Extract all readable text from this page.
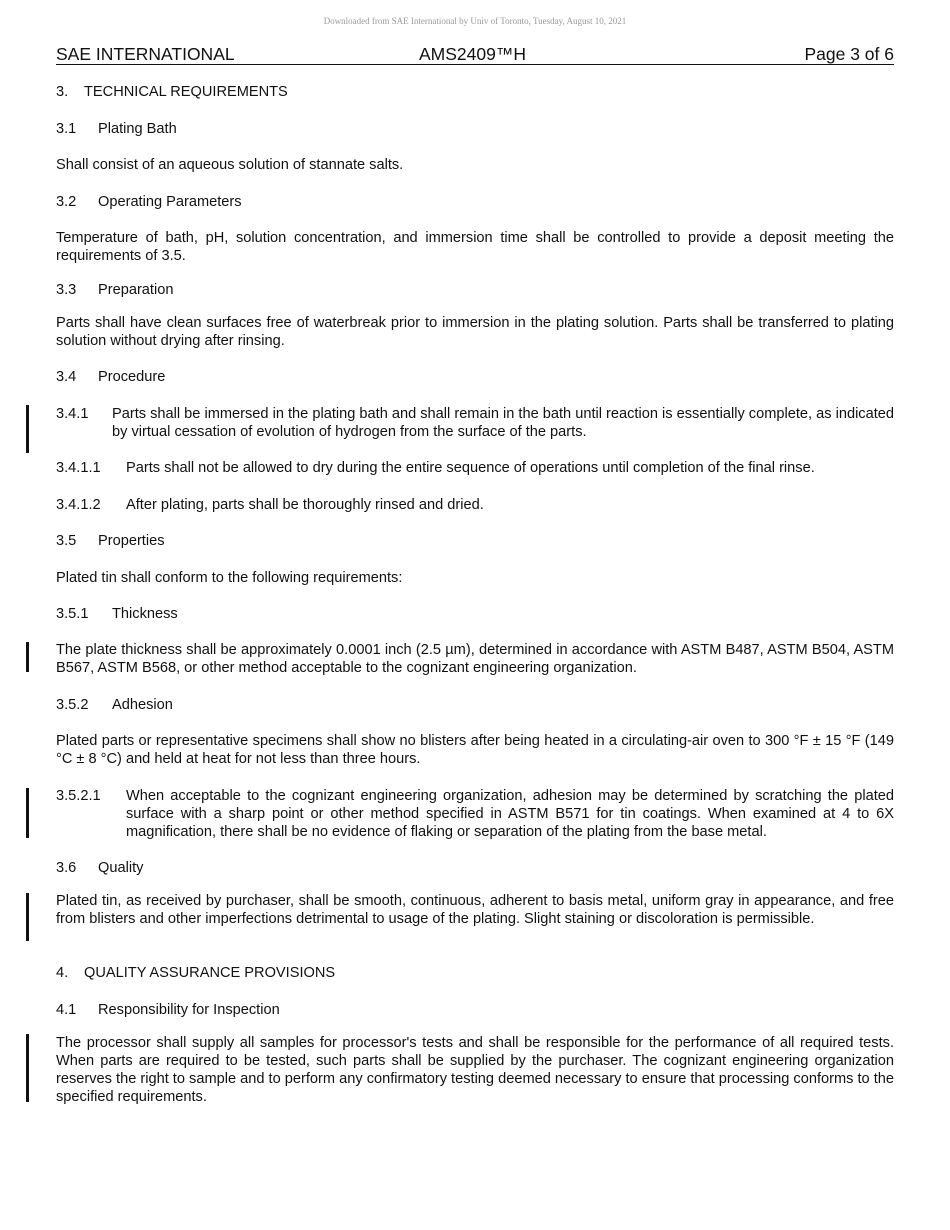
Downloaded from SAE International by Univ of Toronto, Tuesday, August 10, 2021
SAE INTERNATIONAL	AMS2409™H	Page 3 of 6
3. TECHNICAL REQUIREMENTS
3.1 Plating Bath
Shall consist of an aqueous solution of stannate salts.
3.2 Operating Parameters
Temperature of bath, pH, solution concentration, and immersion time shall be controlled to provide a deposit meeting the requirements of 3.5.
3.3 Preparation
Parts shall have clean surfaces free of waterbreak prior to immersion in the plating solution. Parts shall be transferred to plating solution without drying after rinsing.
3.4 Procedure
3.4.1	Parts shall be immersed in the plating bath and shall remain in the bath until reaction is essentially complete, as indicated by virtual cessation of evolution of hydrogen from the surface of the parts.
3.4.1.1	Parts shall not be allowed to dry during the entire sequence of operations until completion of the final rinse.
3.4.1.2	After plating, parts shall be thoroughly rinsed and dried.
3.5 Properties
Plated tin shall conform to the following requirements:
3.5.1 Thickness
The plate thickness shall be approximately 0.0001 inch (2.5 µm), determined in accordance with ASTM B487, ASTM B504, ASTM B567, ASTM B568, or other method acceptable to the cognizant engineering organization.
3.5.2 Adhesion
Plated parts or representative specimens shall show no blisters after being heated in a circulating-air oven to 300 °F ± 15 °F (149 °C ± 8 °C) and held at heat for not less than three hours.
3.5.2.1	When acceptable to the cognizant engineering organization, adhesion may be determined by scratching the plated surface with a sharp point or other method specified in ASTM B571 for tin coatings. When examined at 4 to 6X magnification, there shall be no evidence of flaking or separation of the plating from the base metal.
3.6 Quality
Plated tin, as received by purchaser, shall be smooth, continuous, adherent to basis metal, uniform gray in appearance, and free from blisters and other imperfections detrimental to usage of the plating. Slight staining or discoloration is permissible.
4. QUALITY ASSURANCE PROVISIONS
4.1 Responsibility for Inspection
The processor shall supply all samples for processor's tests and shall be responsible for the performance of all required tests. When parts are required to be tested, such parts shall be supplied by the purchaser. The cognizant engineering organization reserves the right to sample and to perform any confirmatory testing deemed necessary to ensure that processing conforms to the specified requirements.
